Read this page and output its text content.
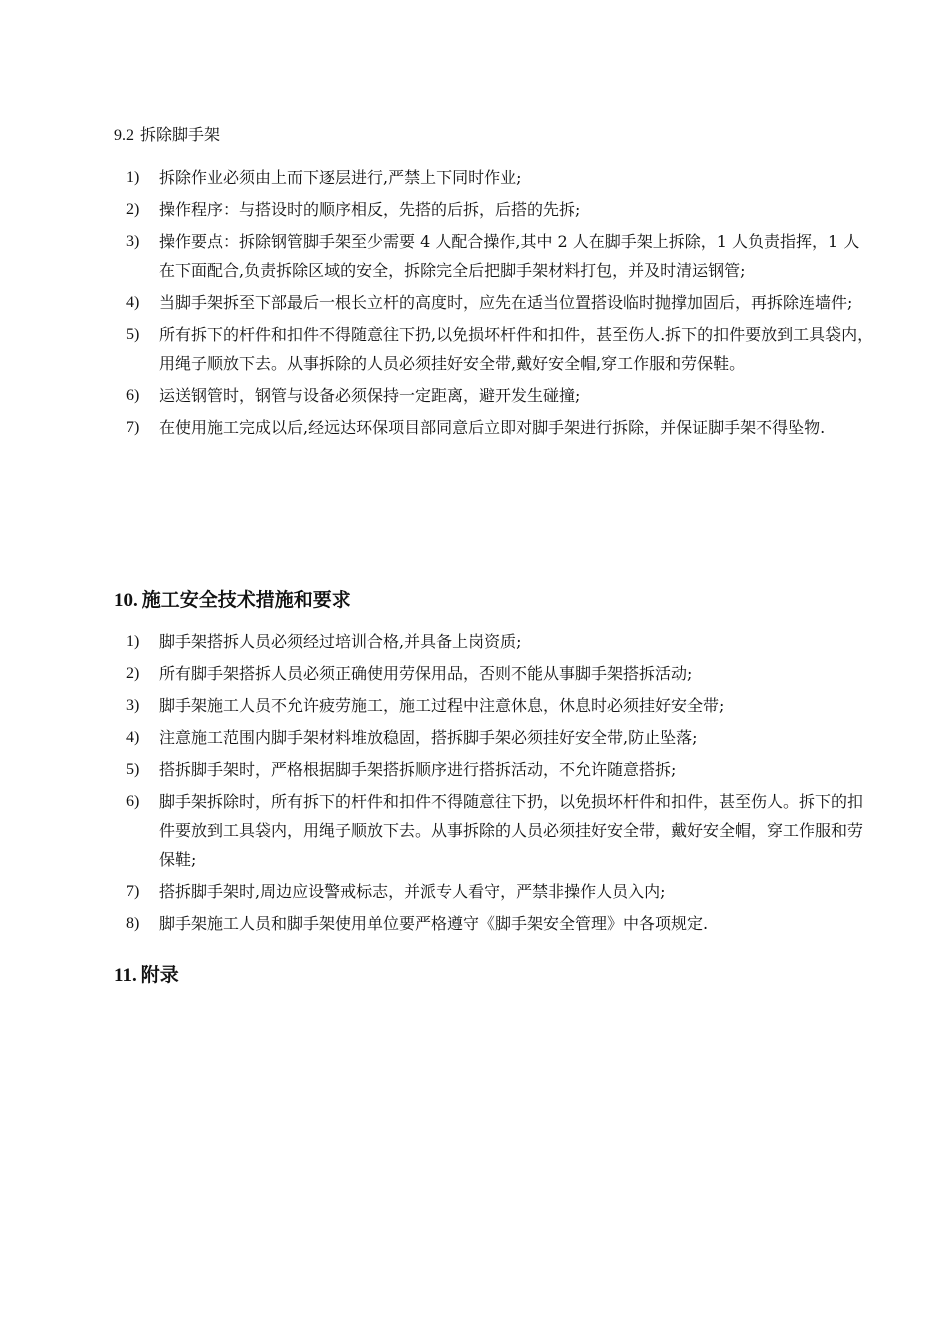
9.2 拆除脚手架
1) 拆除作业必须由上而下逐层进行,严禁上下同时作业;
2) 操作程序：与搭设时的顺序相反，先搭的后拆，后搭的先拆;
3) 操作要点：拆除钢管脚手架至少需要 4 人配合操作,其中 2 人在脚手架上拆除，1 人负责指挥，1 人在下面配合,负责拆除区域的安全，拆除完全后把脚手架材料打包，并及时清运钢管;
4) 当脚手架拆至下部最后一根长立杆的高度时，应先在适当位置搭设临时抛撑加固后，再拆除连墙件;
5) 所有拆下的杆件和扣件不得随意往下扔,以免损坏杆件和扣件，甚至伤人.拆下的扣件要放到工具袋内，用绳子顺放下去。从事拆除的人员必须挂好安全带,戴好安全帽,穿工作服和劳保鞋。
6) 运送钢管时，钢管与设备必须保持一定距离，避开发生碰撞;
7) 在使用施工完成以后,经远达环保项目部同意后立即对脚手架进行拆除，并保证脚手架不得坠物.
10. 施工安全技术措施和要求
1) 脚手架搭拆人员必须经过培训合格,并具备上岗资质;
2) 所有脚手架搭拆人员必须正确使用劳保用品，否则不能从事脚手架搭拆活动;
3) 脚手架施工人员不允许疲劳施工，施工过程中注意休息，休息时必须挂好安全带;
4) 注意施工范围内脚手架材料堆放稳固，搭拆脚手架必须挂好安全带,防止坠落;
5) 搭拆脚手架时，严格根据脚手架搭拆顺序进行搭拆活动，不允许随意搭拆;
6) 脚手架拆除时，所有拆下的杆件和扣件不得随意往下扔，以免损坏杆件和扣件，甚至伤人。拆下的扣件要放到工具袋内，用绳子顺放下去。从事拆除的人员必须挂好安全带，戴好安全帽，穿工作服和劳保鞋;
7) 搭拆脚手架时,周边应设警戒标志，并派专人看守，严禁非操作人员入内;
8) 脚手架施工人员和脚手架使用单位要严格遵守《脚手架安全管理》中各项规定.
11. 附录
